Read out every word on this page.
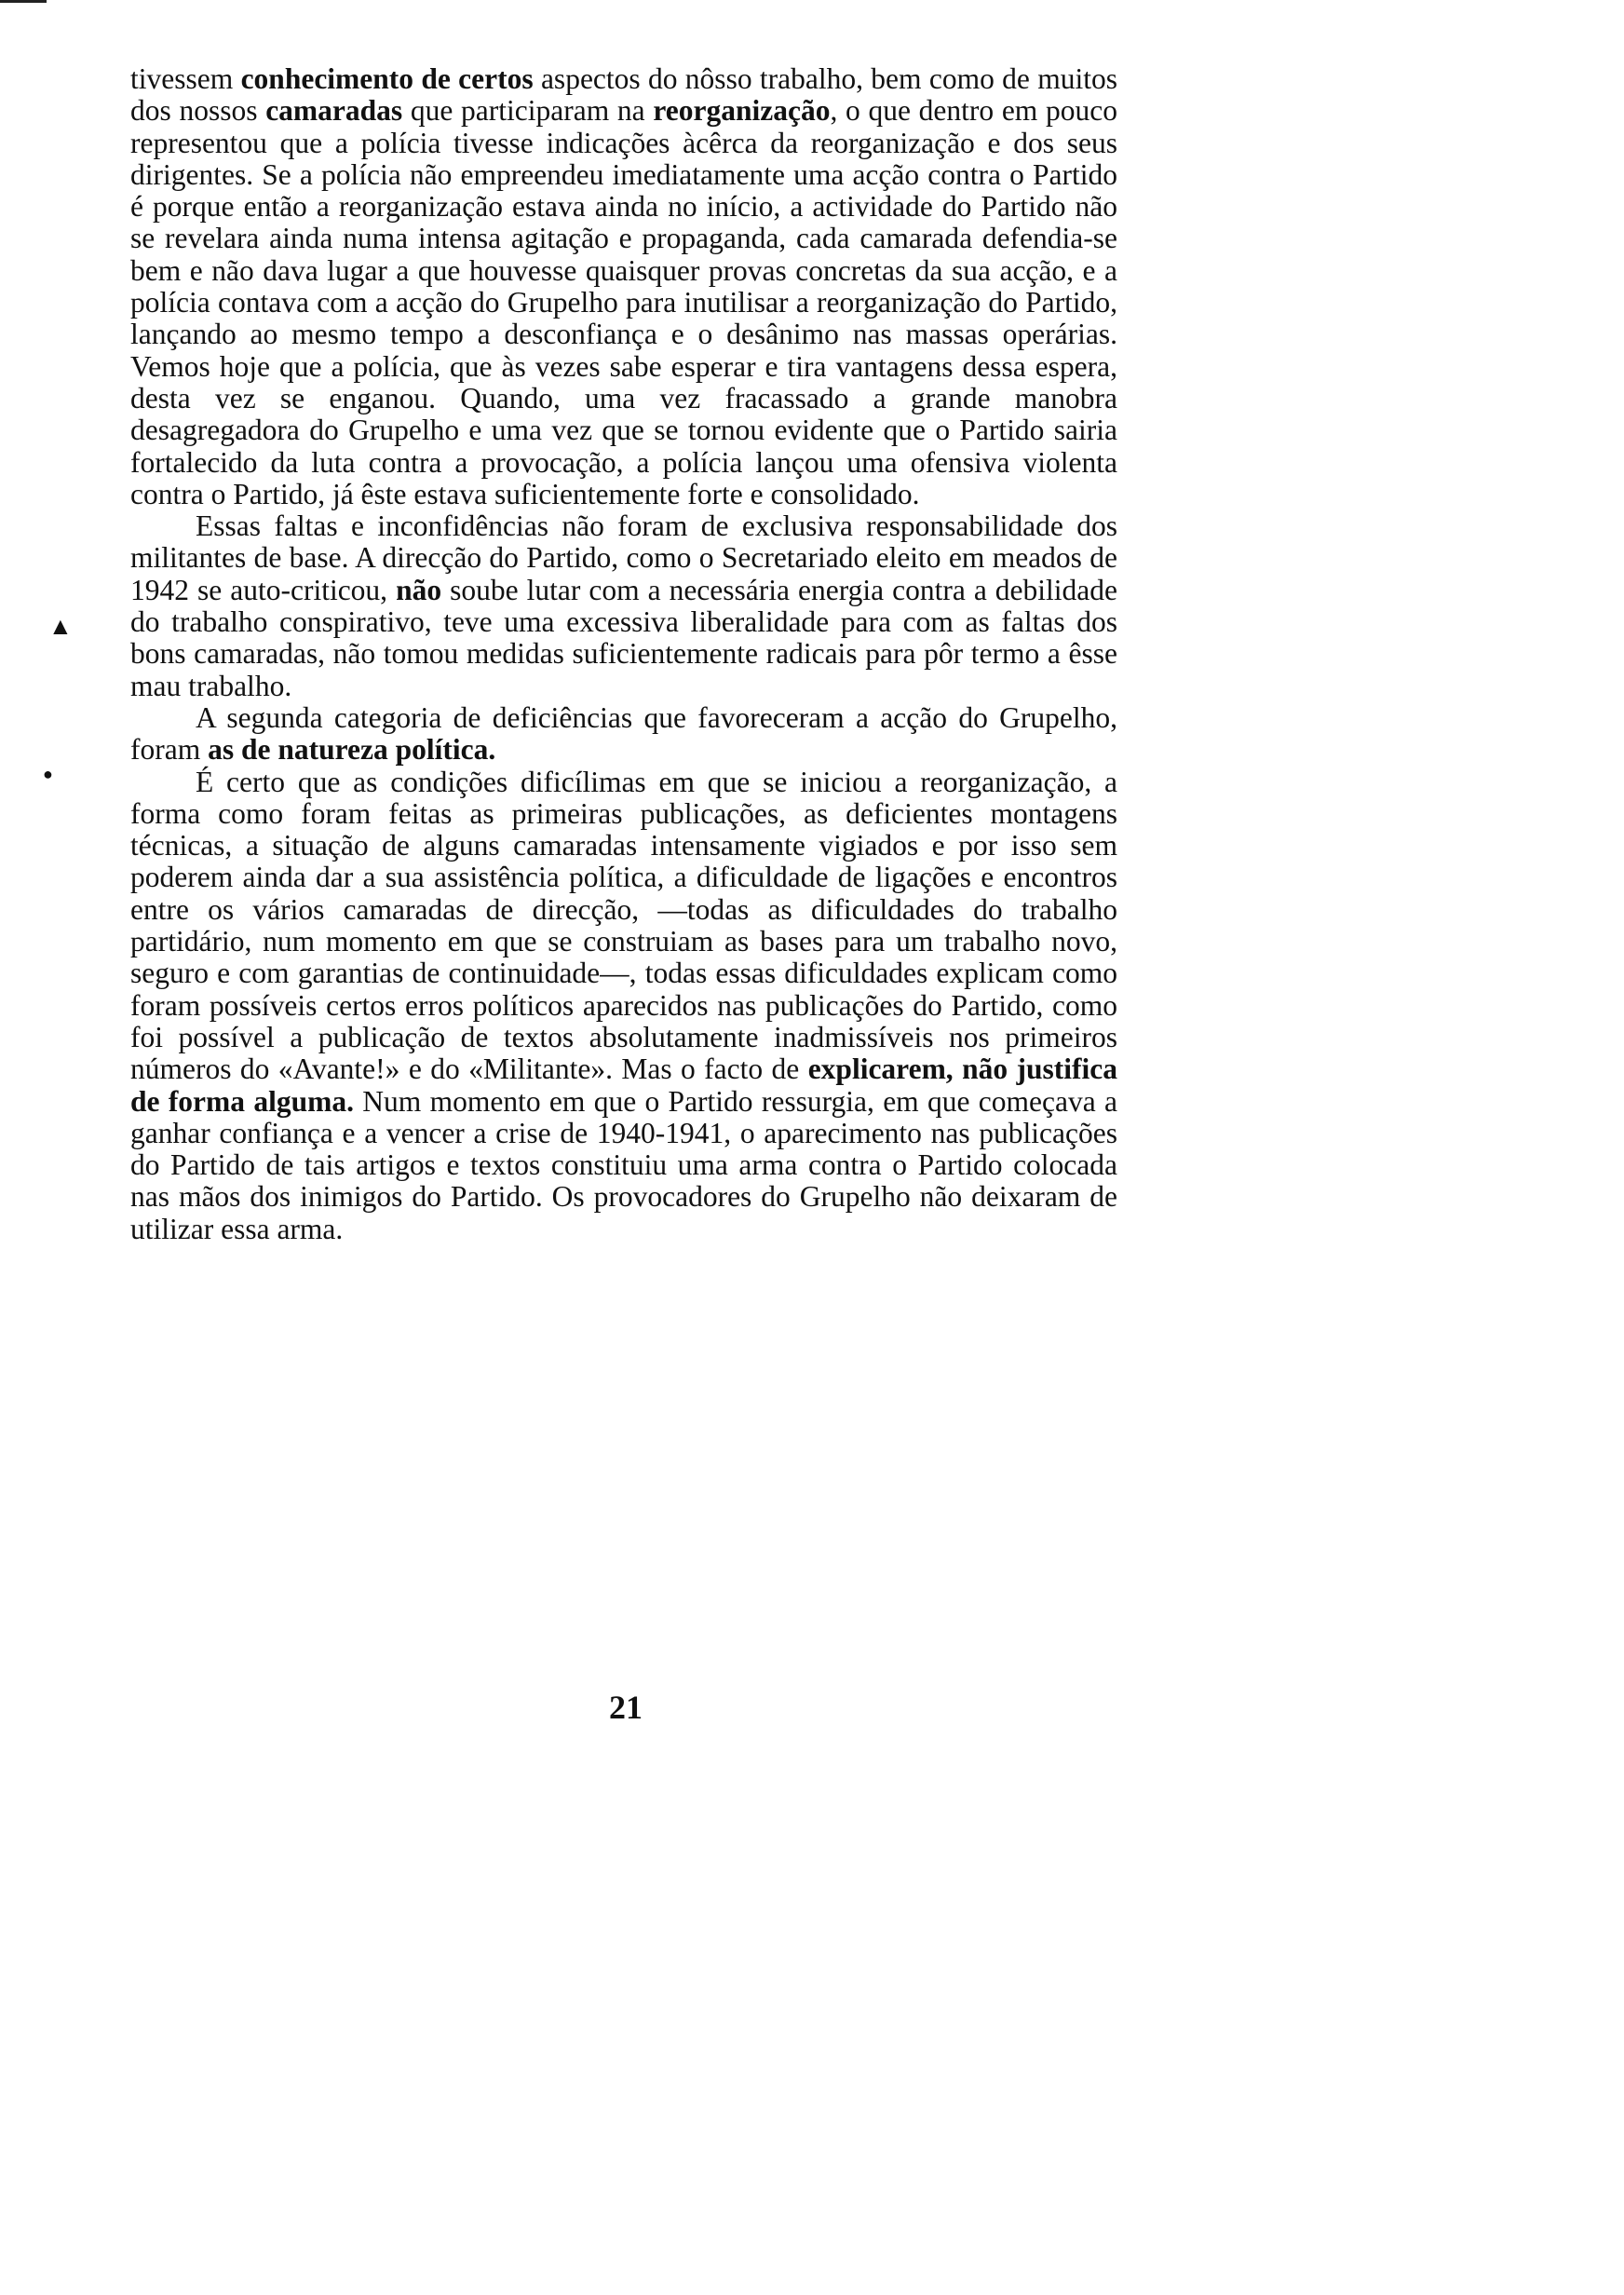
▲
●

tivessem conhecimento de certos aspectos do nôsso trabalho, bem como de muitos dos nossos camaradas que participaram na reorganização, o que dentro em pouco representou que a polícia tivesse indicações àcêrca da reorganização e dos seus dirigentes. Se a polícia não empreendeu imediatamente uma acção contra o Partido é porque então a reorganização estava ainda no início, a actividade do Partido não se revelara ainda numa intensa agitação e propaganda, cada camarada defendia-se bem e não dava lugar a que houvesse quaisquer provas concretas da sua acção, e a polícia contava com a acção do Grupelho para inutilisar a reorganização do Partido, lançando ao mesmo tempo a desconfiança e o desânimo nas massas operárias. Vemos hoje que a polícia, que às vezes sabe esperar e tira vantagens dessa espera, desta vez se enganou. Quando, uma vez fracassado a grande manobra desagregadora do Grupelho e uma vez que se tornou evidente que o Partido sairia fortalecido da luta contra a provocação, a polícia lançou uma ofensiva violenta contra o Partido, já êste estava suficientemente forte e consolidado.

Essas faltas e inconfidências não foram de exclusiva responsabilidade dos militantes de base. A direcção do Partido, como o Secretariado eleito em meados de 1942 se auto-criticou, não soube lutar com a necessária energia contra a debilidade do trabalho conspirativo, teve uma excessiva liberalidade para com as faltas dos bons camaradas, não tomou medidas suficientemente radicais para pôr termo a êsse mau trabalho.

A segunda categoria de deficiências que favoreceram a acção do Grupelho, foram as de natureza política.

É certo que as condições dificílimas em que se iniciou a reorganização, a forma como foram feitas as primeiras publicações, as deficientes montagens técnicas, a situação de alguns camaradas intensamente vigiados e por isso sem poderem ainda dar a sua assistência política, a dificuldade de ligações e encontros entre os vários camaradas de direcção, —todas as dificuldades do trabalho partidário, num momento em que se construiam as bases para um trabalho novo, seguro e com garantias de continuidade—, todas essas dificuldades explicam como foram possíveis certos erros políticos aparecidos nas publicações do Partido, como foi possível a publicação de textos absolutamente inadmissíveis nos primeiros números do «Avante!» e do «Militante». Mas o facto de explicarem, não justifica de forma alguma. Num momento em que o Partido ressurgia, em que começava a ganhar confiança e a vencer a crise de 1940-1941, o aparecimento nas publicações do Partido de tais artigos e textos constituiu uma arma contra o Partido colocada nas mãos dos inimigos do Partido. Os provocadores do Grupelho não deixaram de utilizar essa arma.

21
